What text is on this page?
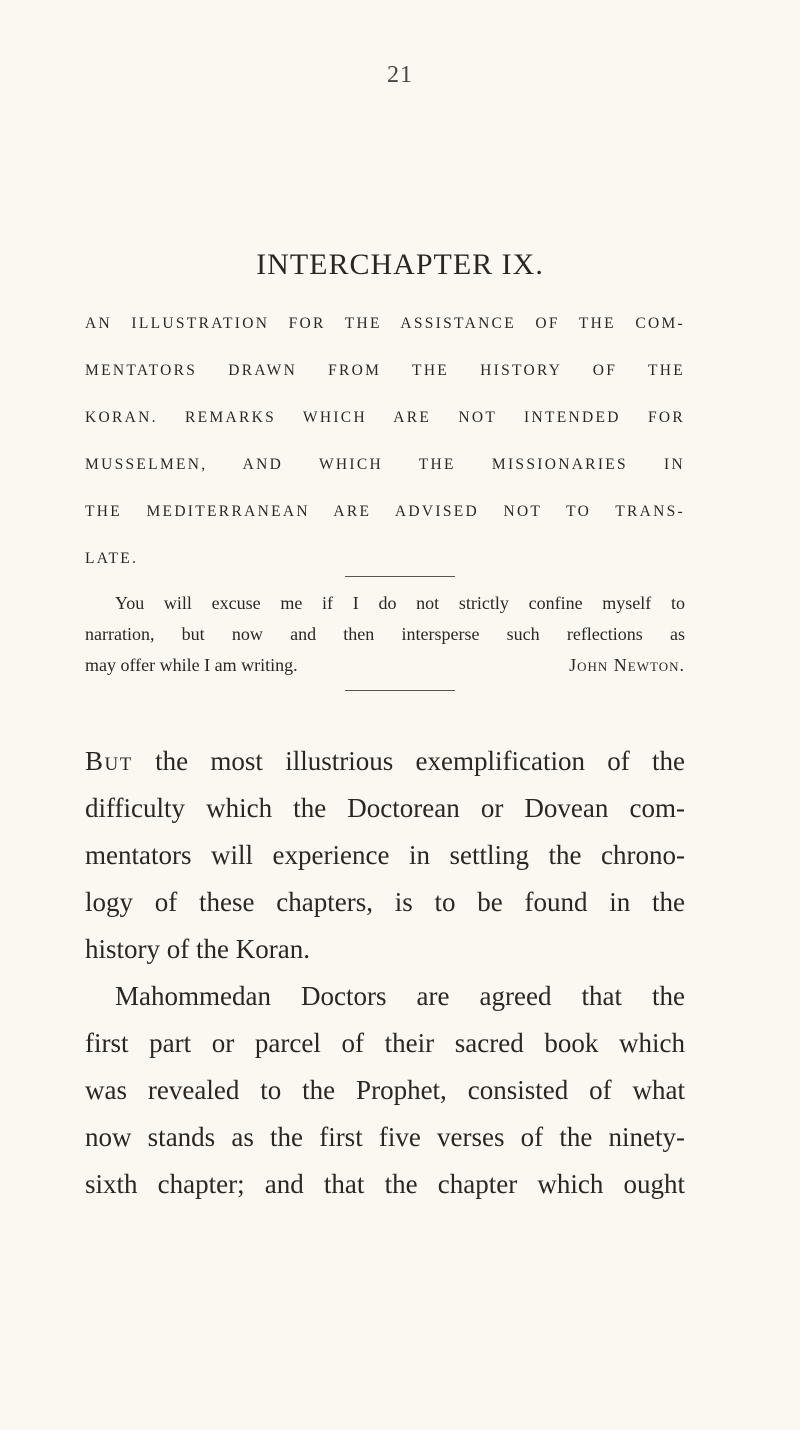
21
INTERCHAPTER IX.
AN ILLUSTRATION FOR THE ASSISTANCE OF THE COM-
MENTATORS DRAWN FROM THE HISTORY OF THE
KORAN. REMARKS WHICH ARE NOT INTENDED FOR
MUSSELMEN, AND WHICH THE MISSIONARIES IN
THE MEDITERRANEAN ARE ADVISED NOT TO TRANS-
LATE.
You will excuse me if I do not strictly confine myself to
narration, but now and then intersperse such reflections as
may offer while I am writing.	John Newton.
But the most illustrious exemplification of the
difficulty which the Doctorean or Dovean com-
mentators will experience in settling the chrono-
logy of these chapters, is to be found in the
history of the Koran.
Mahommedan Doctors are agreed that the
first part or parcel of their sacred book which
was revealed to the Prophet, consisted of what
now stands as the first five verses of the ninety-
sixth chapter; and that the chapter which ought
